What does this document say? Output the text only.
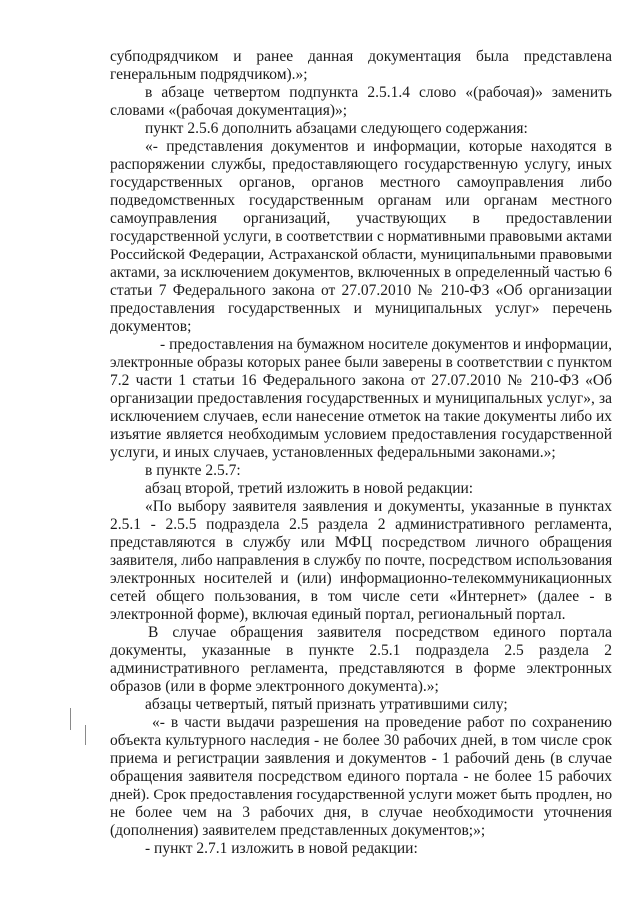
субподрядчиком и ранее данная документация была представлена

генеральным подрядчиком).»;

в абзаце четвертом подпункта 2.5.1.4 слово «(рабочая)» заменить

словами «(рабочая документация)»;

пункт 2.5.6 дополнить абзацами следующего содержания:

«- представления документов и информации, которые находятся в

распоряжении службы, предоставляющего государственную услугу, иных

государственных органов, органов местного самоуправления либо

подведомственных государственным органам или органам местного

самоуправления организаций, участвующих в предоставлении

государственной услуги, в соответствии с нормативными правовыми актами

Российской Федерации, Астраханской области, муниципальными правовыми

актами, за исключением документов, включенных в определенный частью 6

статьи 7 Федерального закона от 27.07.2010 № 210-ФЗ «Об организации

предоставления государственных и муниципальных услуг» перечень

документов;

- предоставления на бумажном носителе документов и информации,

электронные образы которых ранее были заверены в соответствии с пунктом

7.2 части 1 статьи 16 Федерального закона от 27.07.2010 № 210-ФЗ «Об

организации предоставления государственных и муниципальных услуг», за

исключением случаев, если нанесение отметок на такие документы либо их

изъятие является необходимым условием предоставления государственной

услуги, и иных случаев, установленных федеральными законами.»;

в пункте 2.5.7:

абзац второй, третий изложить в новой редакции:

«По выбору заявителя заявления и документы, указанные в пунктах

2.5.1 - 2.5.5 подраздела 2.5 раздела 2 административного регламента,

представляются в службу или МФЦ посредством личного обращения

заявителя, либо направления в службу по почте, посредством использования

электронных носителей и (или) информационно-телекоммуникационных

сетей общего пользования, в том числе сети «Интернет» (далее - в

электронной форме), включая единый портал, региональный портал.

В случае обращения заявителя посредством единого портала

документы, указанные в пункте 2.5.1 подраздела 2.5 раздела 2

административного регламента, представляются в форме электронных

образов (или в форме электронного документа).»;

абзацы четвертый, пятый признать утратившими силу;

«- в части выдачи разрешения на проведение работ по сохранению

объекта культурного наследия - не более 30 рабочих дней, в том числе срок

приема и регистрации заявления и документов - 1 рабочий день (в случае

обращения заявителя посредством единого портала - не более 15 рабочих

дней). Срок предоставления государственной услуги может быть продлен, но

не более чем на 3 рабочих дня, в случае необходимости уточнения

(дополнения) заявителем представленных документов;»;

- пункт 2.7.1 изложить в новой редакции:
